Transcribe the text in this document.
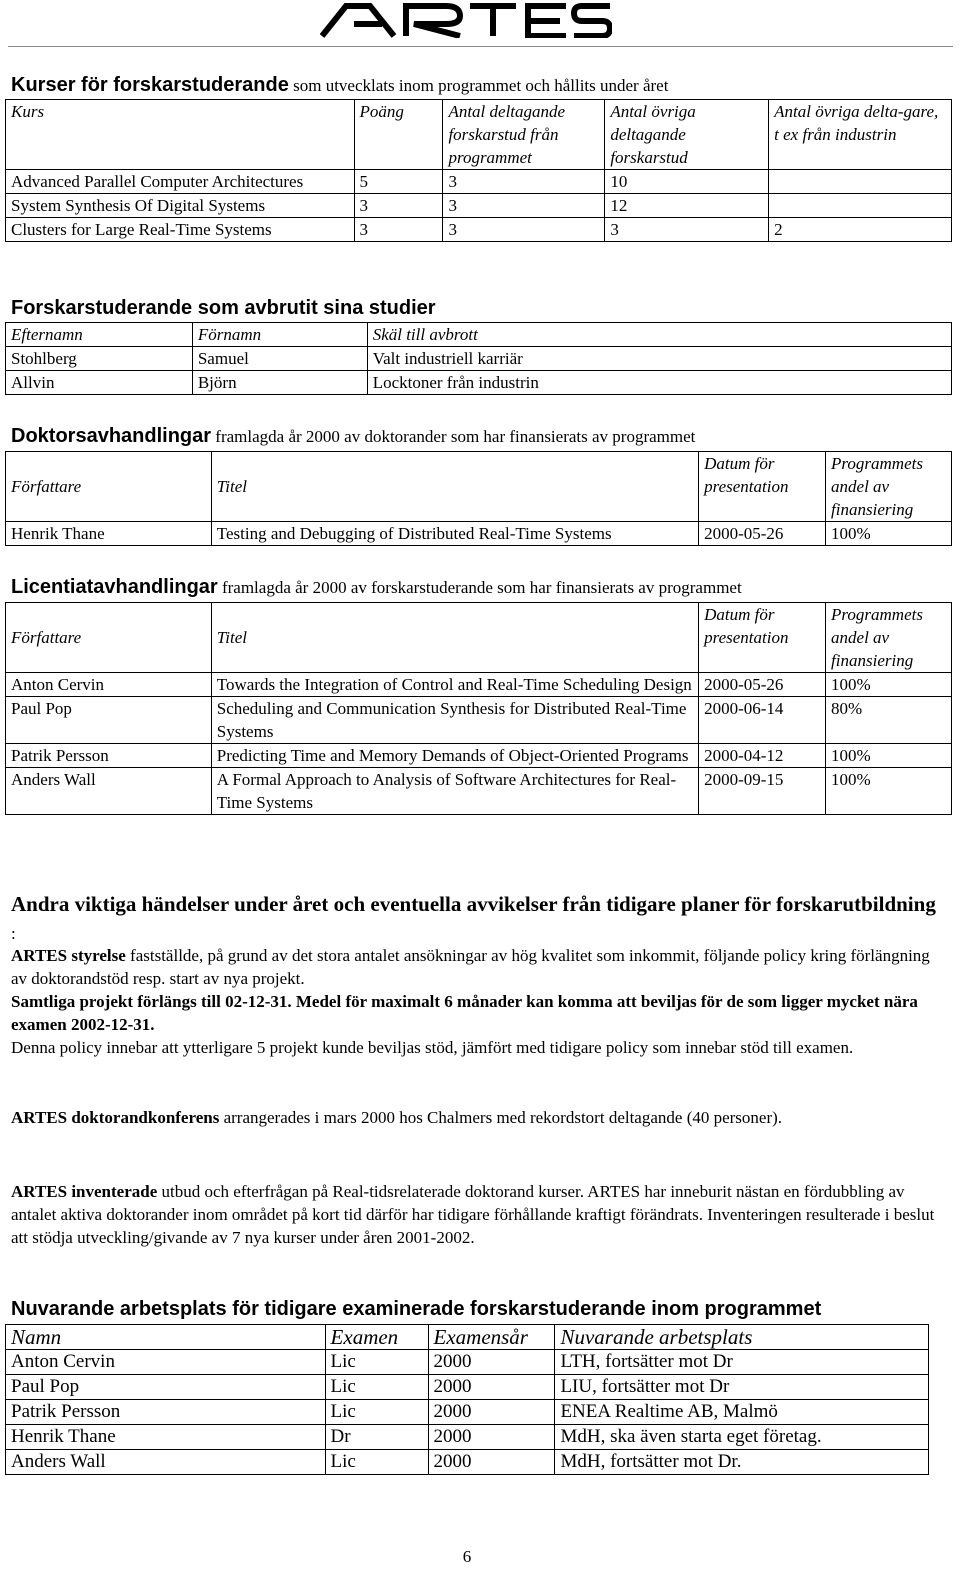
Kurser för forskarstuderande som utvecklats inom programmet och hållits under året
Kurs	Poäng	Antal deltagande forskarstud från programmet	Antal övriga deltagande forskarstud	Antal övriga delta-gare, t ex från industrin
Advanced Parallel Computer Architectures	5	3	10	
System Synthesis Of Digital Systems	3	3	12	
Clusters for Large Real-Time Systems	3	3	3	2
Forskarstuderande som avbrutit sina studier
Efternamn	Förnamn	Skäl till avbrott
Stohlberg	Samuel	Valt industriell karriär
Allvin	Björn	Locktoner från industrin
Doktorsavhandlingar framlagda år 2000 av doktorander som har finansierats av programmet
Författare	Titel	Datum för presentation	Programmets andel av finansiering
Henrik Thane	Testing and Debugging of Distributed Real-Time Systems	2000-05-26	100%
Licentiatavhandlingar framlagda år 2000 av forskarstuderande som har finansierats av programmet
Författare	Titel	Datum för presentation	Programmets andel av finansiering
Anton Cervin	Towards the Integration of Control and Real-Time Scheduling Design	2000-05-26	100%
Paul Pop	Scheduling and Communication Synthesis for Distributed Real-Time Systems	2000-06-14	80%
Patrik Persson	Predicting Time and Memory Demands of Object-Oriented Programs	2000-04-12	100%
Anders Wall	A Formal Approach to Analysis of Software Architectures for Real-Time Systems	2000-09-15	100%
Andra viktiga händelser under året och eventuella avvikelser från tidigare planer för forskarutbildning :
ARTES styrelse fastställde, på grund av det stora antalet ansökningar av hög kvalitet som inkommit, följande policy kring förlängning av doktorandstöd resp. start av nya projekt.
Samtliga projekt förlängs till 02-12-31. Medel för maximalt 6 månader kan komma att beviljas för de som ligger mycket nära examen 2002-12-31.
Denna policy innebar att ytterligare 5 projekt kunde beviljas stöd, jämfört med tidigare policy som innebar stöd till examen.
ARTES doktorandkonferens arrangerades i mars 2000 hos Chalmers med rekordstort deltagande (40 personer).
ARTES inventerade utbud och efterfrågan på Real-tidsrelaterade doktorand kurser. ARTES har inneburit nästan en fördubbling av antalet aktiva doktorander inom området på kort tid därför har tidigare förhållande kraftigt förändrats. Inventeringen resulterade i beslut att stödja utveckling/givande av 7 nya kurser under åren 2001-2002.
Nuvarande arbetsplats för tidigare examinerade forskarstuderande inom programmet
Namn	Examen	Examensår	Nuvarande arbetsplats
Anton Cervin	Lic	2000	LTH, fortsätter mot Dr
Paul Pop	Lic	2000	LIU, fortsätter mot Dr
Patrik Persson	Lic	2000	ENEA Realtime AB, Malmö
Henrik Thane	Dr	2000	MdH, ska även starta eget företag.
Anders Wall	Lic	2000	MdH, fortsätter mot Dr.
6
